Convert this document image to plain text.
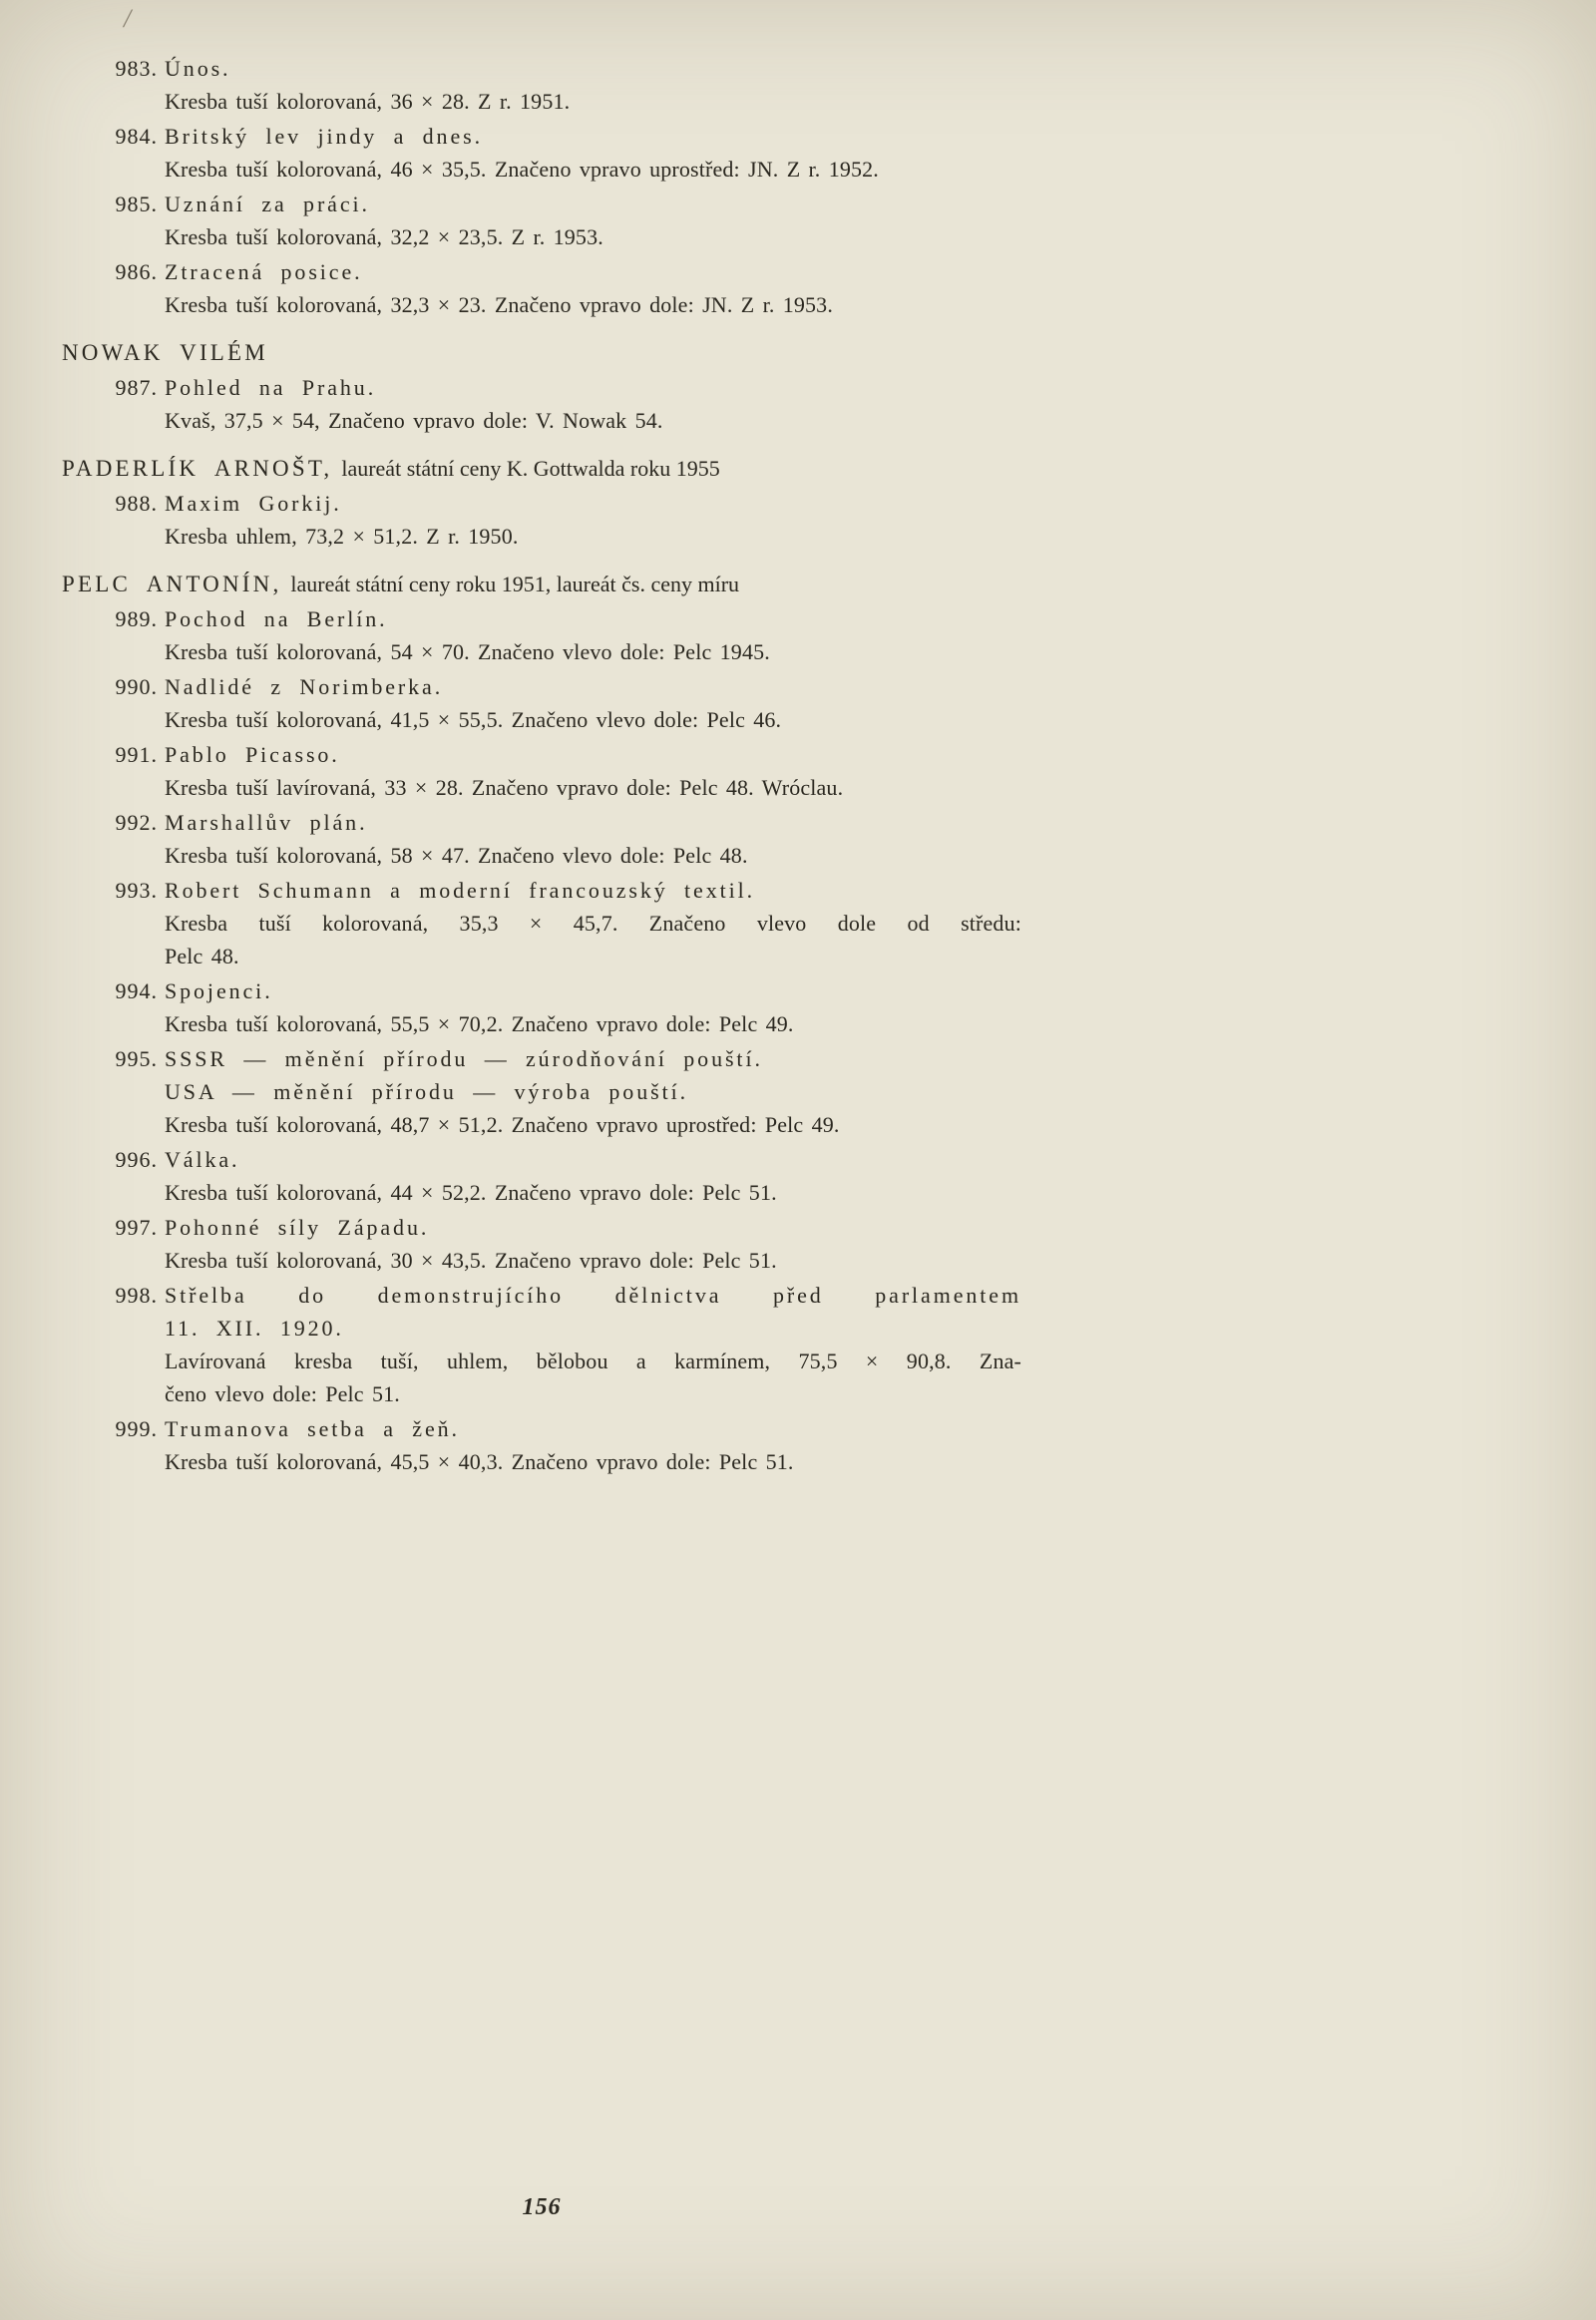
/
983. Únos.
Kresba tuší kolorovaná, 36 × 28. Z r. 1951.
984. Britský lev jindy a dnes.
Kresba tuší kolorovaná, 46 × 35,5. Značeno vpravo uprostřed: JN. Z r. 1952.
985. Uznání za práci.
Kresba tuší kolorovaná, 32,2 × 23,5. Z r. 1953.
986. Ztracená posice.
Kresba tuší kolorovaná, 32,3 × 23. Značeno vpravo dole: JN. Z r. 1953.
NOWAK VILÉM
987. Pohled na Prahu.
Kvaš, 37,5 × 54, Značeno vpravo dole: V. Nowak 54.
PADERLÍK ARNOŠT, laureát státní ceny K. Gottwalda roku 1955
988. Maxim Gorkij.
Kresba uhlem, 73,2 × 51,2. Z r. 1950.
PELC ANTONÍN, laureát státní ceny roku 1951, laureát čs. ceny míru
989. Pochod na Berlín.
Kresba tuší kolorovaná, 54 × 70. Značeno vlevo dole: Pelc 1945.
990. Nadlidé z Norimberka.
Kresba tuší kolorovaná, 41,5 × 55,5. Značeno vlevo dole: Pelc 46.
991. Pablo Picasso.
Kresba tuší lavírovaná, 33 × 28. Značeno vpravo dole: Pelc 48. Wróclau.
992. Marshallův plán.
Kresba tuší kolorovaná, 58 × 47. Značeno vlevo dole: Pelc 48.
993. Robert Schumann a moderní francouzský textil.
Kresba tuší kolorovaná, 35,3 × 45,7. Značeno vlevo dole od středu:
Pelc 48.
994. Spojenci.
Kresba tuší kolorovaná, 55,5 × 70,2. Značeno vpravo dole: Pelc 49.
995. SSSR — měnění přírodu — zúrodňování pouští.
USA — měnění přírodu — výroba pouští.
Kresba tuší kolorovaná, 48,7 × 51,2. Značeno vpravo uprostřed: Pelc 49.
996. Válka.
Kresba tuší kolorovaná, 44 × 52,2. Značeno vpravo dole: Pelc 51.
997. Pohonné síly Západu.
Kresba tuší kolorovaná, 30 × 43,5. Značeno vpravo dole: Pelc 51.
998. Střelba do demonstrujícího dělnictva před parlamentem
11. XII. 1920.
Lavírovaná kresba tuší, uhlem, bělobou a karmínem, 75,5 × 90,8. Zna-
čeno vlevo dole: Pelc 51.
999. Trumanova setba a žeň.
Kresba tuší kolorovaná, 45,5 × 40,3. Značeno vpravo dole: Pelc 51.
156
